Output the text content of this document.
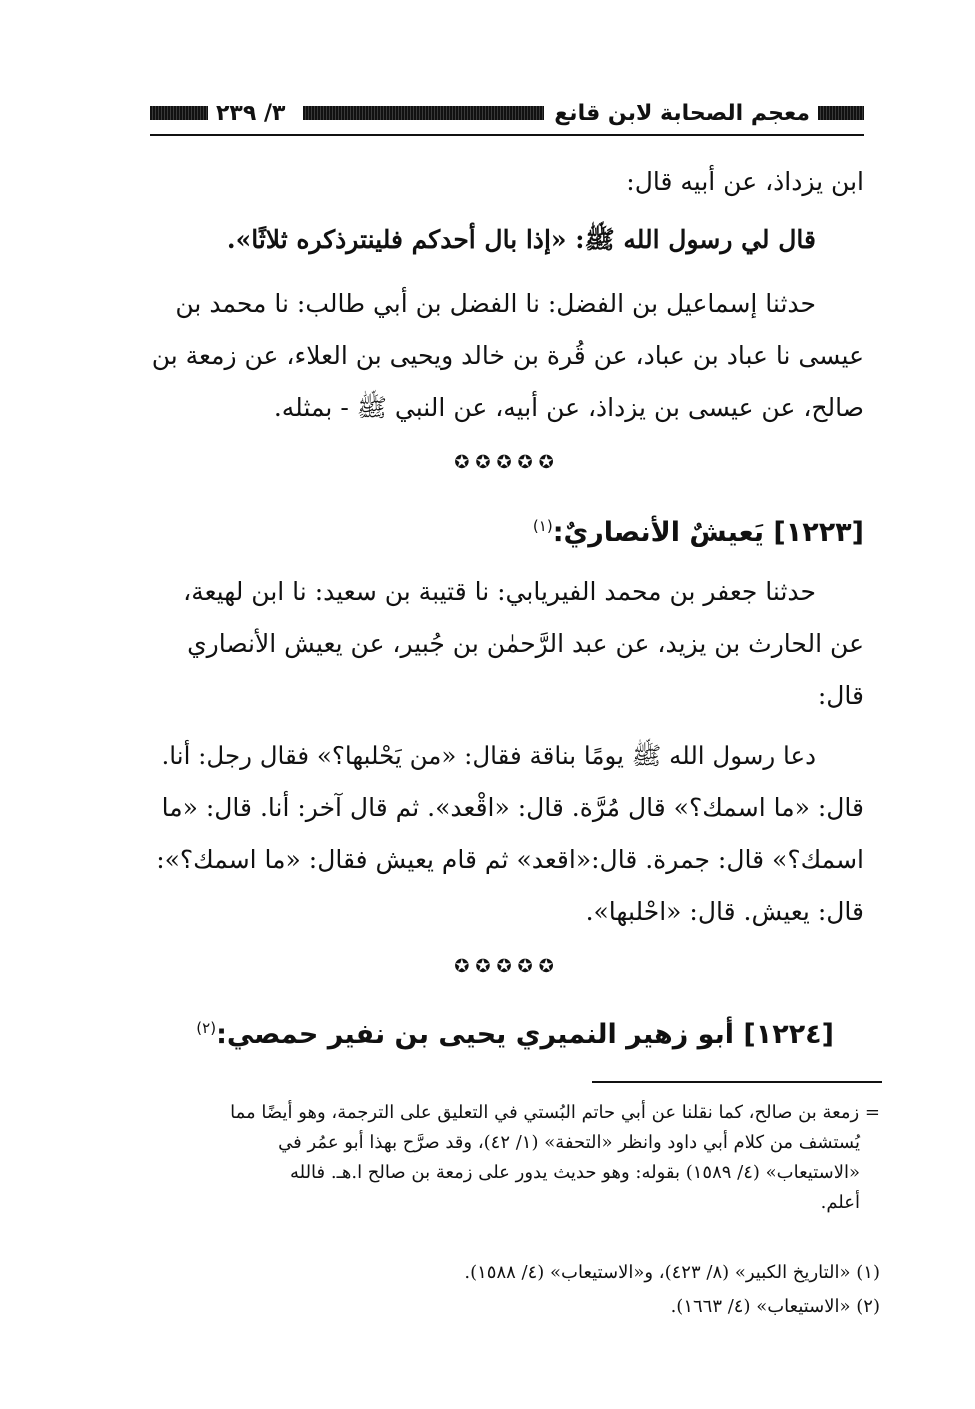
معجم الصحابة لابن قانع
٣/ ٢٣٩
ابن يزداذ، عن أبيه قال:
قال لي رسول الله ﷺ: «إذا بال أحدكم فلينترذكره ثلاثًا».
حدثنا إسماعيل بن الفضل: نا الفضل بن أبي طالب: نا محمد بن
عيسى نا عباد بن عباد، عن قُرة بن خالد ويحيى بن العلاء، عن زمعة بن
صالح، عن عيسى بن يزداذ، عن أبيه، عن النبي ﷺ - بمثله.
✪✪✪✪✪
[١٢٢٣] يَعيشٌ الأنصاريٌ:$^{(١)}$
حدثنا جعفر بن محمد الفيريابي: نا قتيبة بن سعيد: نا ابن لهيعة،
عن الحارث بن يزيد، عن عبد الرَّحمٰن بن جُبير، عن يعيش الأنصاري
قال:
دعا رسول الله ﷺ يومًا بناقة فقال: «من يَحْلبها؟» فقال رجل: أنا.
قال: «ما اسمك؟» قال مُرَّة. قال: «اقْعد». ثم قال آخر: أنا. قال: «ما
اسمك؟» قال: جمرة. قال:«اقعد» ثم قام يعيش فقال: «ما اسمك؟»:
قال: يعيش. قال: «احْلبها».
✪✪✪✪✪
[١٢٢٤] أبو زهير النميري يحيى بن نفير حمصي:$^{(٢)}$
= زمعة بن صالح، كما نقلنا عن أبي حاتم البُستي في التعليق على الترجمة، وهو أيضًا مما
يُستشف من كلام أبي داود وانظر «التحفة» (١/ ٤٢)، وقد صرَّح بهذا أبو عمُر في
«الاستيعاب» (٤/ ١٥٨٩) بقوله: وهو حديث يدور على زمعة بن صالح ا.هـ. فالله
أعلم.
(١) «التاريخ الكبير» (٨/ ٤٢٣)، و«الاستيعاب» (٤/ ١٥٨٨).
(٢) «الاستيعاب» (٤/ ١٦٦٣).
